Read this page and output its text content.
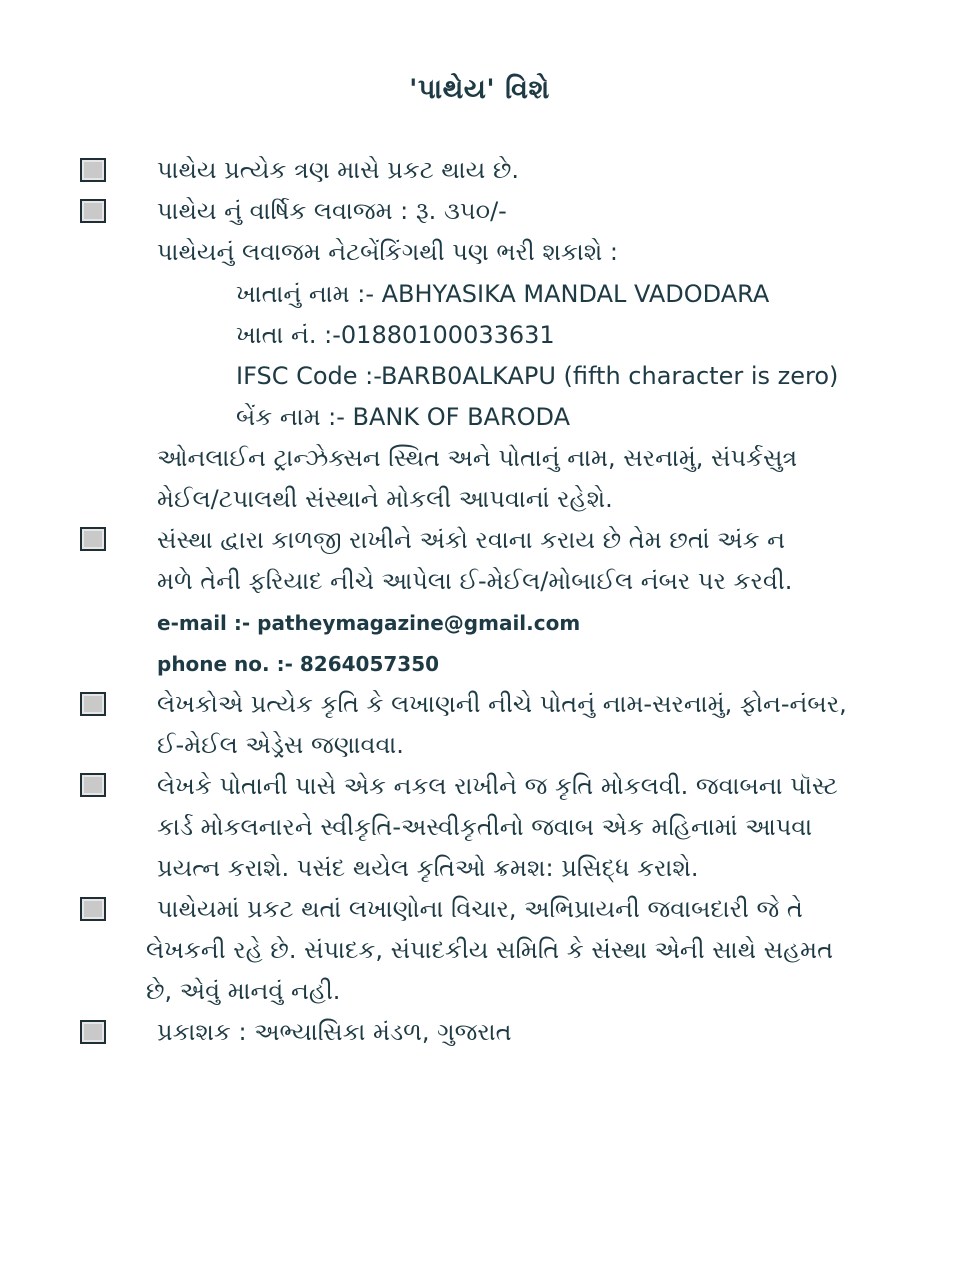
'પાથેય' વિશે
પાથેય પ્રત્યેક ત્રણ માસે પ્રકટ થાય છે.
પાથેય નું વાર્ષિક લવાજમ : રૂ. ૩૫૦/-
પાથેયનું લવાજમ નેટબેંકિંગથી પણ ભરી શકાશે :
ખાતાનું નામ :- ABHYASIKA MANDAL VADODARA
ખાતા નં. :-01880100033631
IFSC Code :-BARB0ALKAPU (fifth character is zero)
બેંક નામ :- BANK OF BARODA
ઓનલાઈન ટ્રાન્ઝેક્સન સ્થિત અને પોતાનું નામ, સરનામું, સંપર્કસુત્ર
મેઈલ/ટપાલથી સંસ્થાને મોકલી આપવાનાં રહેશે.
સંસ્થા દ્વારા કાળજી રાખીને અંકો રવાના કરાય છે તેમ છતાં અંક ન
મળે તેની ફરિયાદ નીચે આપેલા ઈ-મેઈલ/મોબાઈલ નંબર પર કરવી.
e-mail :- patheymagazine@gmail.com
phone no. :- 8264057350
લેખકોએ પ્રત્યેક કૃતિ કે લખાણની નીચે પોતનું નામ-સરનામું, ફોન-નંબર,
ઈ-મેઈલ એડ્રેસ જણાવવા.
લેખકે પોતાની પાસે એક નકલ રાખીને જ કૃતિ મોકલવી. જવાબના પૉસ્ટ
કાર્ડ મોકલનારને સ્વીકૃતિ-અસ્વીકૃતીનો જવાબ એક મહિનામાં આપવા
પ્રયત્ન કરાશે. પસંદ થયેલ કૃતિઓ ક્રમશ: પ્રસિદ્ધ કરાશે.
પાથેયમાં પ્રકટ થતાં લખાણોના વિચાર, અભિપ્રાયની જવાબદારી જે તે
લેખકની રહે છે. સંપાદક, સંપાદકીય સમિતિ કે સંસ્થા એની સાથે સહમત
છે, એવું માનવું નહી.
પ્રકાશક : અભ્યાસિકા મંડળ, ગુજરાત
